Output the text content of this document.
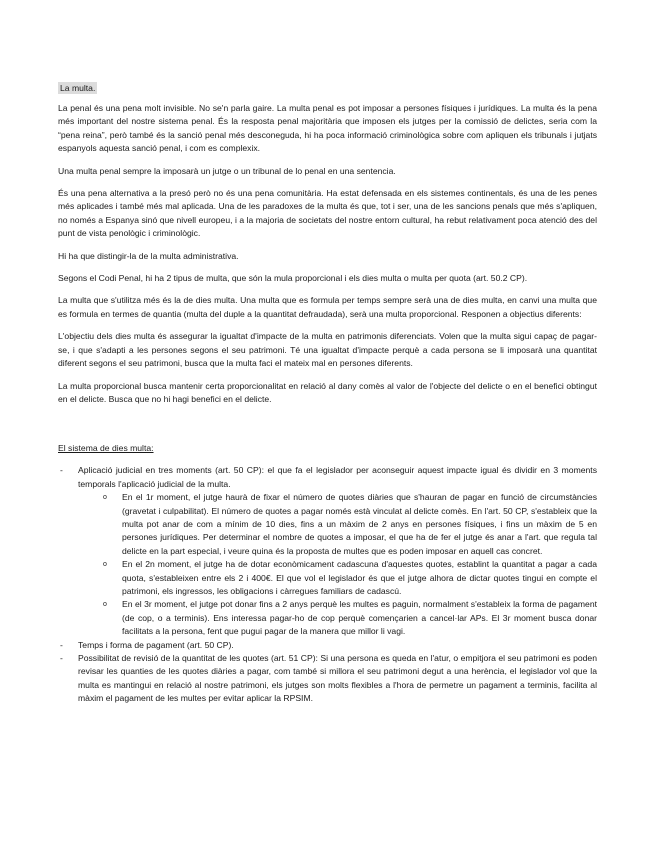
La multa.

La penal és una pena molt invisible. No se'n parla gaire. La multa penal es pot imposar a persones físiques i jurídiques. La multa és la pena més important del nostre sistema penal. És la resposta penal majoritària que imposen els jutges per la comissió de delictes, seria com la “pena reina”, però també és la sanció penal més desconeguda, hi ha poca informació criminològica sobre com apliquen els tribunals i jutjats espanyols aquesta sanció penal, i com es complexix.

Una multa penal sempre la imposarà un jutge o un tribunal de lo penal en una sentencia.

És una pena alternativa a la presó però no és una pena comunitària. Ha estat defensada en els sistemes continentals, és una de les penes més aplicades i també més mal aplicada. Una de les paradoxes de la multa és que, tot i ser, una de les sancions penals que més s'apliquen, no només a Espanya sinó que nivell europeu, i a la majoria de societats del nostre entorn cultural, ha rebut relativament poca atenció des del punt de vista penològic i criminològic.

Hi ha que distingir-la de la multa administrativa.

Segons el Codi Penal, hi ha 2 tipus de multa, que són la mula proporcional i els dies multa o multa per quota (art. 50.2 CP).

La multa que s'utilitza més és la de dies multa. Una multa que es formula per temps sempre serà una de dies multa, en canvi una multa que es formula en termes de quantia (multa del duple a la quantitat defraudada), serà una multa proporcional. Responen a objectius diferents:

L'objectiu dels dies multa és assegurar la igualtat d'impacte de la multa en patrimonis diferenciats. Volen que la multa sigui capaç de pagar-se, i que s'adapti a les persones segons el seu patrimoni. Té una igualtat d'impacte perquè a cada persona se li imposarà una quantitat diferent segons el seu patrimoni, busca que la multa faci el mateix mal en persones diferents.

La multa proporcional busca mantenir certa proporcionalitat en relació al dany comès al valor de l'objecte del delicte o en el benefici obtingut en el delicte. Busca que no hi hagi benefici en el delicte.

El sistema de dies multa:
- Aplicació judicial en tres moments (art. 50 CP): el que fa el legislador per aconseguir aquest impacte igual és dividir en 3 moments temporals l'aplicació judicial de la multa.
o En el 1r moment, el jutge haurà de fixar el número de quotes diàries que s'hauran de pagar en funció de circumstàncies (gravetat i culpabilitat). El número de quotes a pagar només està vinculat al delicte comès. En l'art. 50 CP, s'estableix que la multa pot anar de com a mínim de 10 dies, fins a un màxim de 2 anys en persones físiques, i fins un màxim de 5 en persones jurídiques. Per determinar el nombre de quotes a imposar, el que ha de fer el jutge és anar a l'art. que regula tal delicte en la part especial, i veure quina és la proposta de multes que es poden imposar en aquell cas concret.
o En el 2n moment, el jutge ha de dotar econòmicament cadascuna d'aquestes quotes, establint la quantitat a pagar a cada quota, s'estableixen entre els 2 i 400€. El que vol el legislador és que el jutge alhora de dictar quotes tingui en compte el patrimoni, els ingressos, les obligacions i càrregues familiars de cadascú.
o En el 3r moment, el jutge pot donar fins a 2 anys perquè les multes es paguin, normalment s'estableix la forma de pagament (de cop, o a terminis). Ens interessa pagar-ho de cop perquè començarien a cancel·lar APs. El 3r moment busca donar facilitats a la persona, fent que pugui pagar de la manera que millor li vagi.
- Temps i forma de pagament (art. 50 CP).
- Possibilitat de revisió de la quantitat de les quotes (art. 51 CP): Si una persona es queda en l'atur, o empitjora el seu patrimoni es poden revisar les quanties de les quotes diàries a pagar, com també si millora el seu patrimoni degut a una herència, el legislador vol que la multa es mantingui en relació al nostre patrimoni, els jutges son molts flexibles a l'hora de permetre un pagament a terminis, facilita al màxim el pagament de les multes per evitar aplicar la RPSIM.
